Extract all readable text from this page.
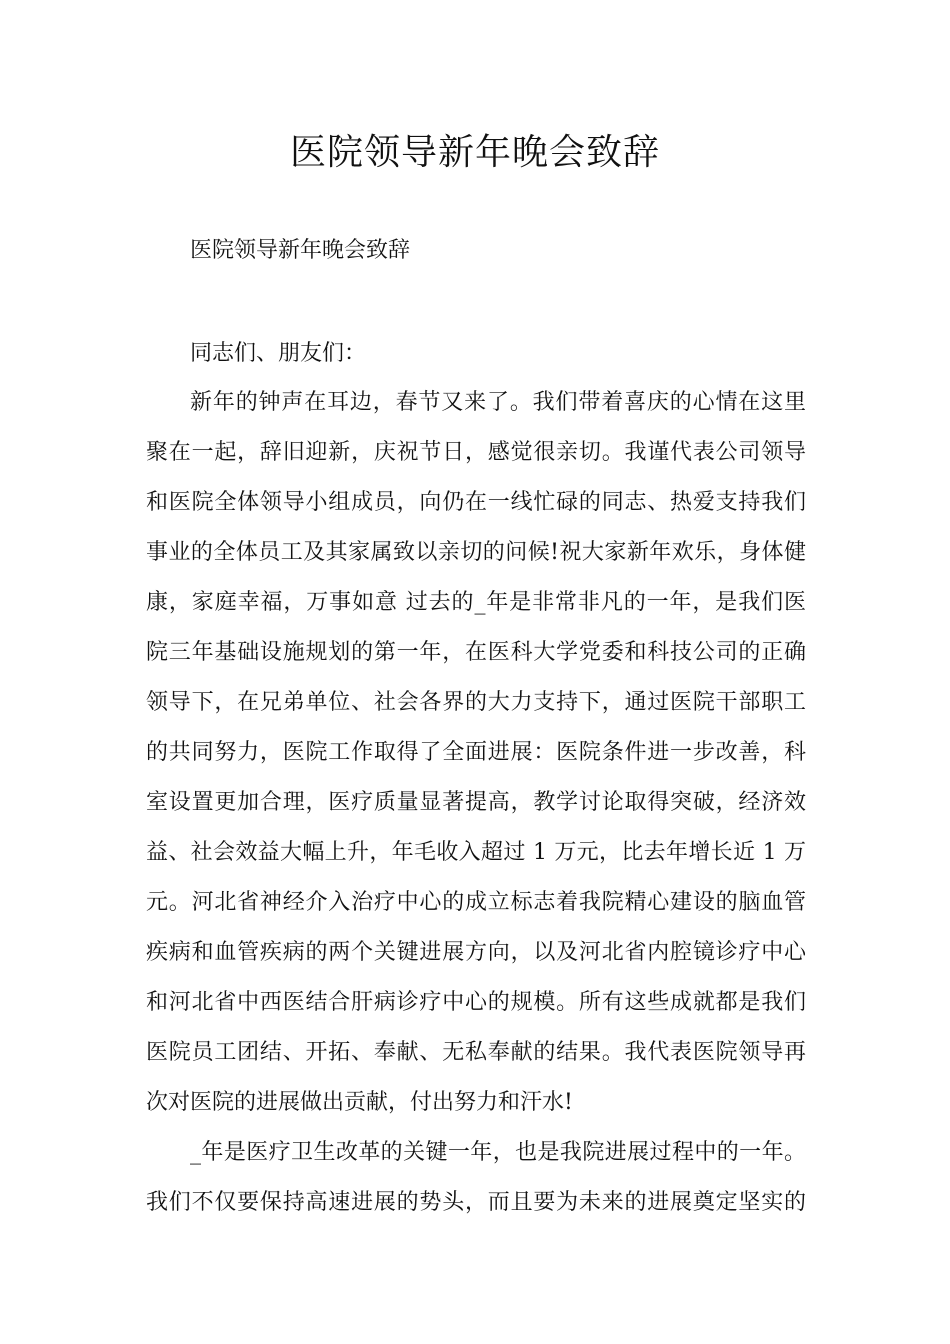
医院领导新年晚会致辞

医院领导新年晚会致辞

同志们、朋友们：

新年的钟声在耳边，春节又来了。我们带着喜庆的心情在这里
聚在一起，辞旧迎新，庆祝节日，感觉很亲切。我谨代表公司领导
和医院全体领导小组成员，向仍在一线忙碌的同志、热爱支持我们
事业的全体员工及其家属致以亲切的问候!祝大家新年欢乐，身体健
康，家庭幸福，万事如意 过去的_年是非常非凡的一年，是我们医
院三年基础设施规划的第一年，在医科大学党委和科技公司的正确
领导下，在兄弟单位、社会各界的大力支持下，通过医院干部职工
的共同努力，医院工作取得了全面进展：医院条件进一步改善，科
室设置更加合理，医疗质量显著提高，教学讨论取得突破，经济效
益、社会效益大幅上升，年毛收入超过 1 万元，比去年增长近 1 万
元。河北省神经介入治疗中心的成立标志着我院精心建设的脑血管
疾病和血管疾病的两个关键进展方向，以及河北省内腔镜诊疗中心
和河北省中西医结合肝病诊疗中心的规模。所有这些成就都是我们
医院员工团结、开拓、奉献、无私奉献的结果。我代表医院领导再
次对医院的进展做出贡献，付出努力和汗水!
_年是医疗卫生改革的关键一年，也是我院进展过程中的一年。
我们不仅要保持高速进展的势头，而且要为未来的进展奠定坚实的
